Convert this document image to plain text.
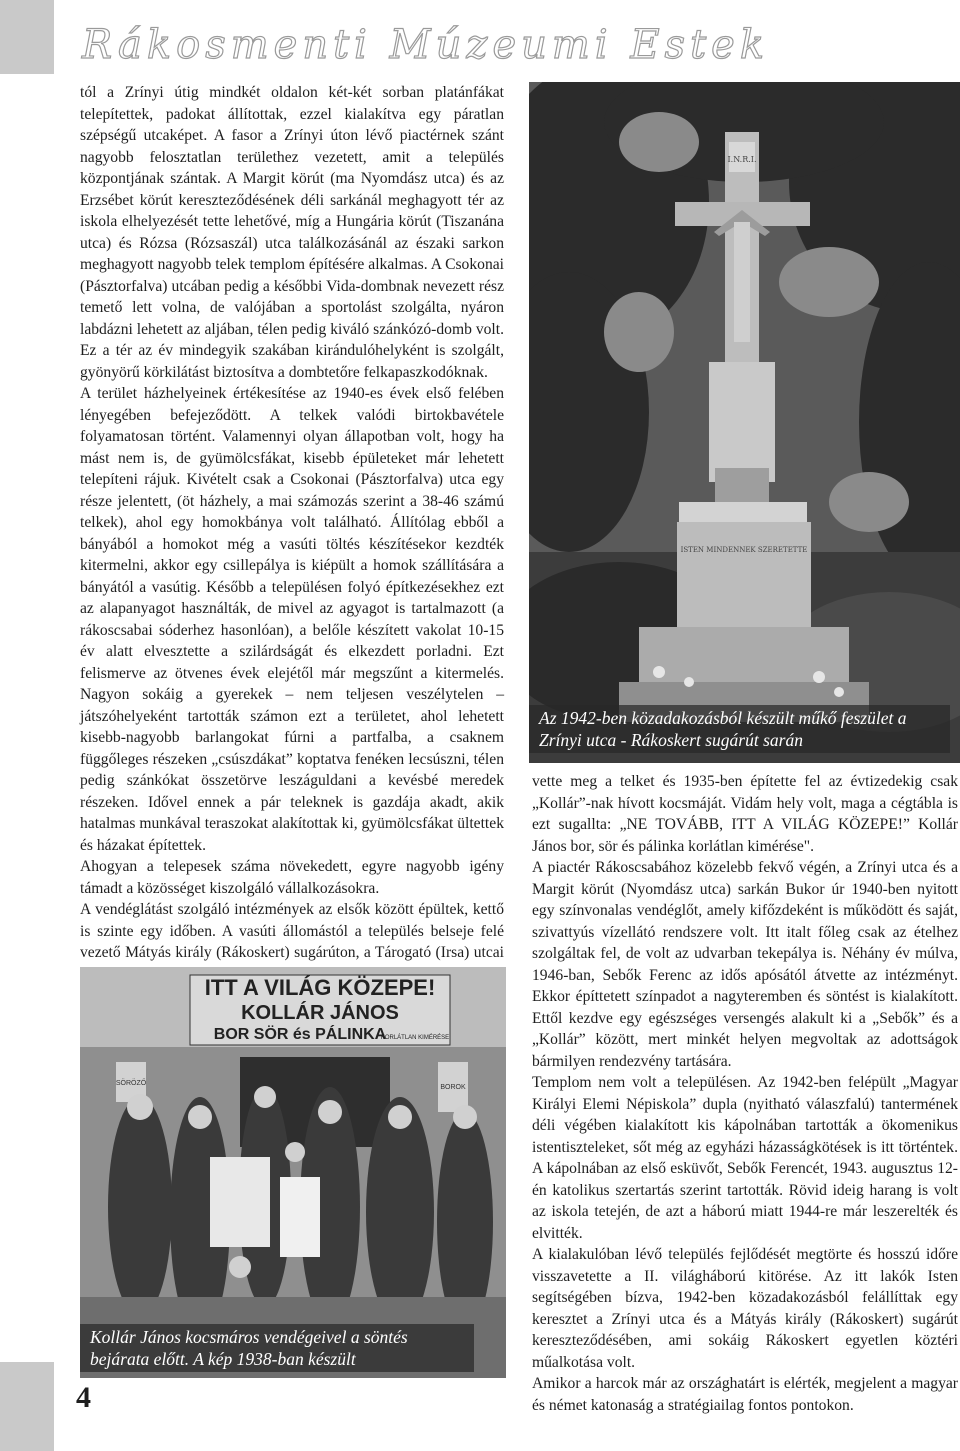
Rákosmenti Múzeumi Estek

tól a Zrínyi útig mindkét oldalon két-két sorban platánfákat telepítettek, padokat állítottak, ezzel kialakítva egy páratlan szépségű utcaképet. A fasor a Zrínyi úton lévő piactérnek szánt nagyobb felosztatlan területhez vezetett, amit a település központjának szántak. A Margit körút (ma Nyomdász utca) és az Erzsébet körút kereszteződésének déli sarkánál meghagyott tér az iskola elhelyezését tette lehetővé, míg a Hungária körút (Tiszanána utca) és Rózsa (Rózsaszál) utca találkozásánál az északi sarkon meghagyott nagyobb telek templom építésére alkalmas. A Csokonai (Pásztorfalva) utcában pedig a későbbi Vida-dombnak nevezett rész temető lett volna, de valójában a sportolást szolgálta, nyáron labdázni lehetett az aljában, télen pedig kiváló szánkózó-domb volt. Ez a tér az év mindegyik szakában kirándulóhelyként is szolgált, gyönyörű körkilátást biztosítva a dombtetőre felkapaszkodóknak.

A terület házhelyeinek értékesítése az 1940-es évek első felében lényegében befejeződött. A telkek valódi birtokbavétele folyamatosan történt. Valamennyi olyan állapotban volt, hogy ha mást nem is, de gyümölcsfákat, kisebb épületeket már lehetett telepíteni rájuk. Kivételt csak a Csokonai (Pásztorfalva) utca egy része jelentett, (öt házhely, a mai számozás szerint a 38-46 számú telkek), ahol egy homokbánya volt található. Állítólag ebből a bányából a homokot még a vasúti töltés készítésekor kezdték kitermelni, akkor egy csillepálya is kiépült a homok szállítására a bányától a vasútig. Később a településen folyó építkezésekhez ezt az alapanyagot használták, de mivel az agyagot is tartalmazott (a rákoscsabai sóderhez hasonlóan), a belőle készített vakolat 10-15 év alatt elvesztette a szilárdságát és elkezdett porladni. Ezt felismerve az ötvenes évek elejétől már megszűnt a kitermelés. Nagyon sokáig a gyerekek – nem teljesen veszélytelen – játszóhelyeként tartották számon ezt a területet, ahol lehetett kisebb-nagyobb barlangokat fúrni a partfalba, a csaknem függőleges részeken „csúszdákat” koptatva fenéken lecsúszni, télen pedig szánkókat összetörve leszáguldani a kevésbé meredek részeken. Idővel ennek a pár teleknek is gazdája akadt, akik hatalmas munkával teraszokat alakítottak ki, gyümölcsfákat ültettek és házakat építettek.

Ahogyan a telepesek száma növekedett, egyre nagyobb igény támadt a közösséget kiszolgáló vállalkozásokra.

A vendéglátást szolgáló intézmények az elsők között épültek, kettő is szinte egy időben. A vasúti állomástól a település belseje felé vezető Mátyás király (Rákoskert) sugárúton, a Tárogató (Irsa) utcai

I.N.R.I.
ISTEN MINDENNEK SZERETETTE
Az 1942-ben közadakozásból készült műkő feszület a Zrínyi utca - Rákoskert sugárút sarán
ITT A VILÁG KÖZEPE!
KOLLÁR JÁNOS
BOR SÖR és PÁLINKA
KORLÁTLAN KIMÉRÉSE
SÖRÖZŐ
BOROK
Kollár János kocsmáros vendégeivel a söntés bejárata előtt. A kép 1938-ban készült

vette meg a telket és 1935-ben építette fel az évtizedekig csak „Kollár”-nak hívott kocsmáját. Vidám hely volt, maga a cégtábla is ezt sugallta: „NE TOVÁBB, ITT A VILÁG KÖZEPE!” Kollár János bor, sör és pálinka korlátlan kimérése".

A piactér Rákoscsabához közelebb fekvő végén, a Zrínyi utca és a Margit körút (Nyomdász utca) sarkán Bukor úr 1940-ben nyitott egy színvonalas vendéglőt, amely kifőzdeként is működött és saját, szivattyús vízellátó rendszere volt. Itt italt főleg csak az ételhez szolgáltak fel, de volt az udvarban tekepálya is. Néhány év múlva, 1946-ban, Sebők Ferenc az idős apósától átvette az intézményt. Ekkor építtetett színpadot a nagyteremben és söntést is kialakított. Ettől kezdve egy egészséges versengés alakult ki a „Sebők” és a „Kollár” között, mert minkét helyen megvoltak az adottságok bármilyen rendezvény tartására.

Templom nem volt a településen. Az 1942-ben felépült „Magyar Királyi Elemi Népiskola” dupla (nyitható válaszfalú) tantermének déli végében kialakított kis kápolnában tartották a ökomenikus istentiszteleket, sőt még az egyházi házasságkötések is itt történtek. A kápolnában az első esküvőt, Sebők Ferencét, 1943. augusztus 12-én katolikus szertartás szerint tartották. Rövid ideig harang is volt az iskola tetején, de azt a háború miatt 1944-re már leszerelték és elvitték.

A kialakulóban lévő település fejlődését megtörte és hosszú időre visszavetette a II. világháború kitörése. Az itt lakók Isten segítségében bízva, 1942-ben közadakozásból felállíttak egy keresztet a Zrínyi utca és a Mátyás király (Rákoskert) sugárút kereszteződésében, ami sokáig Rákoskert egyetlen köztéri műalkotása volt.

Amikor a harcok már az országhatárt is elérték, megjelent a magyar és német katonaság a stratégiailag fontos pontokon.

4
